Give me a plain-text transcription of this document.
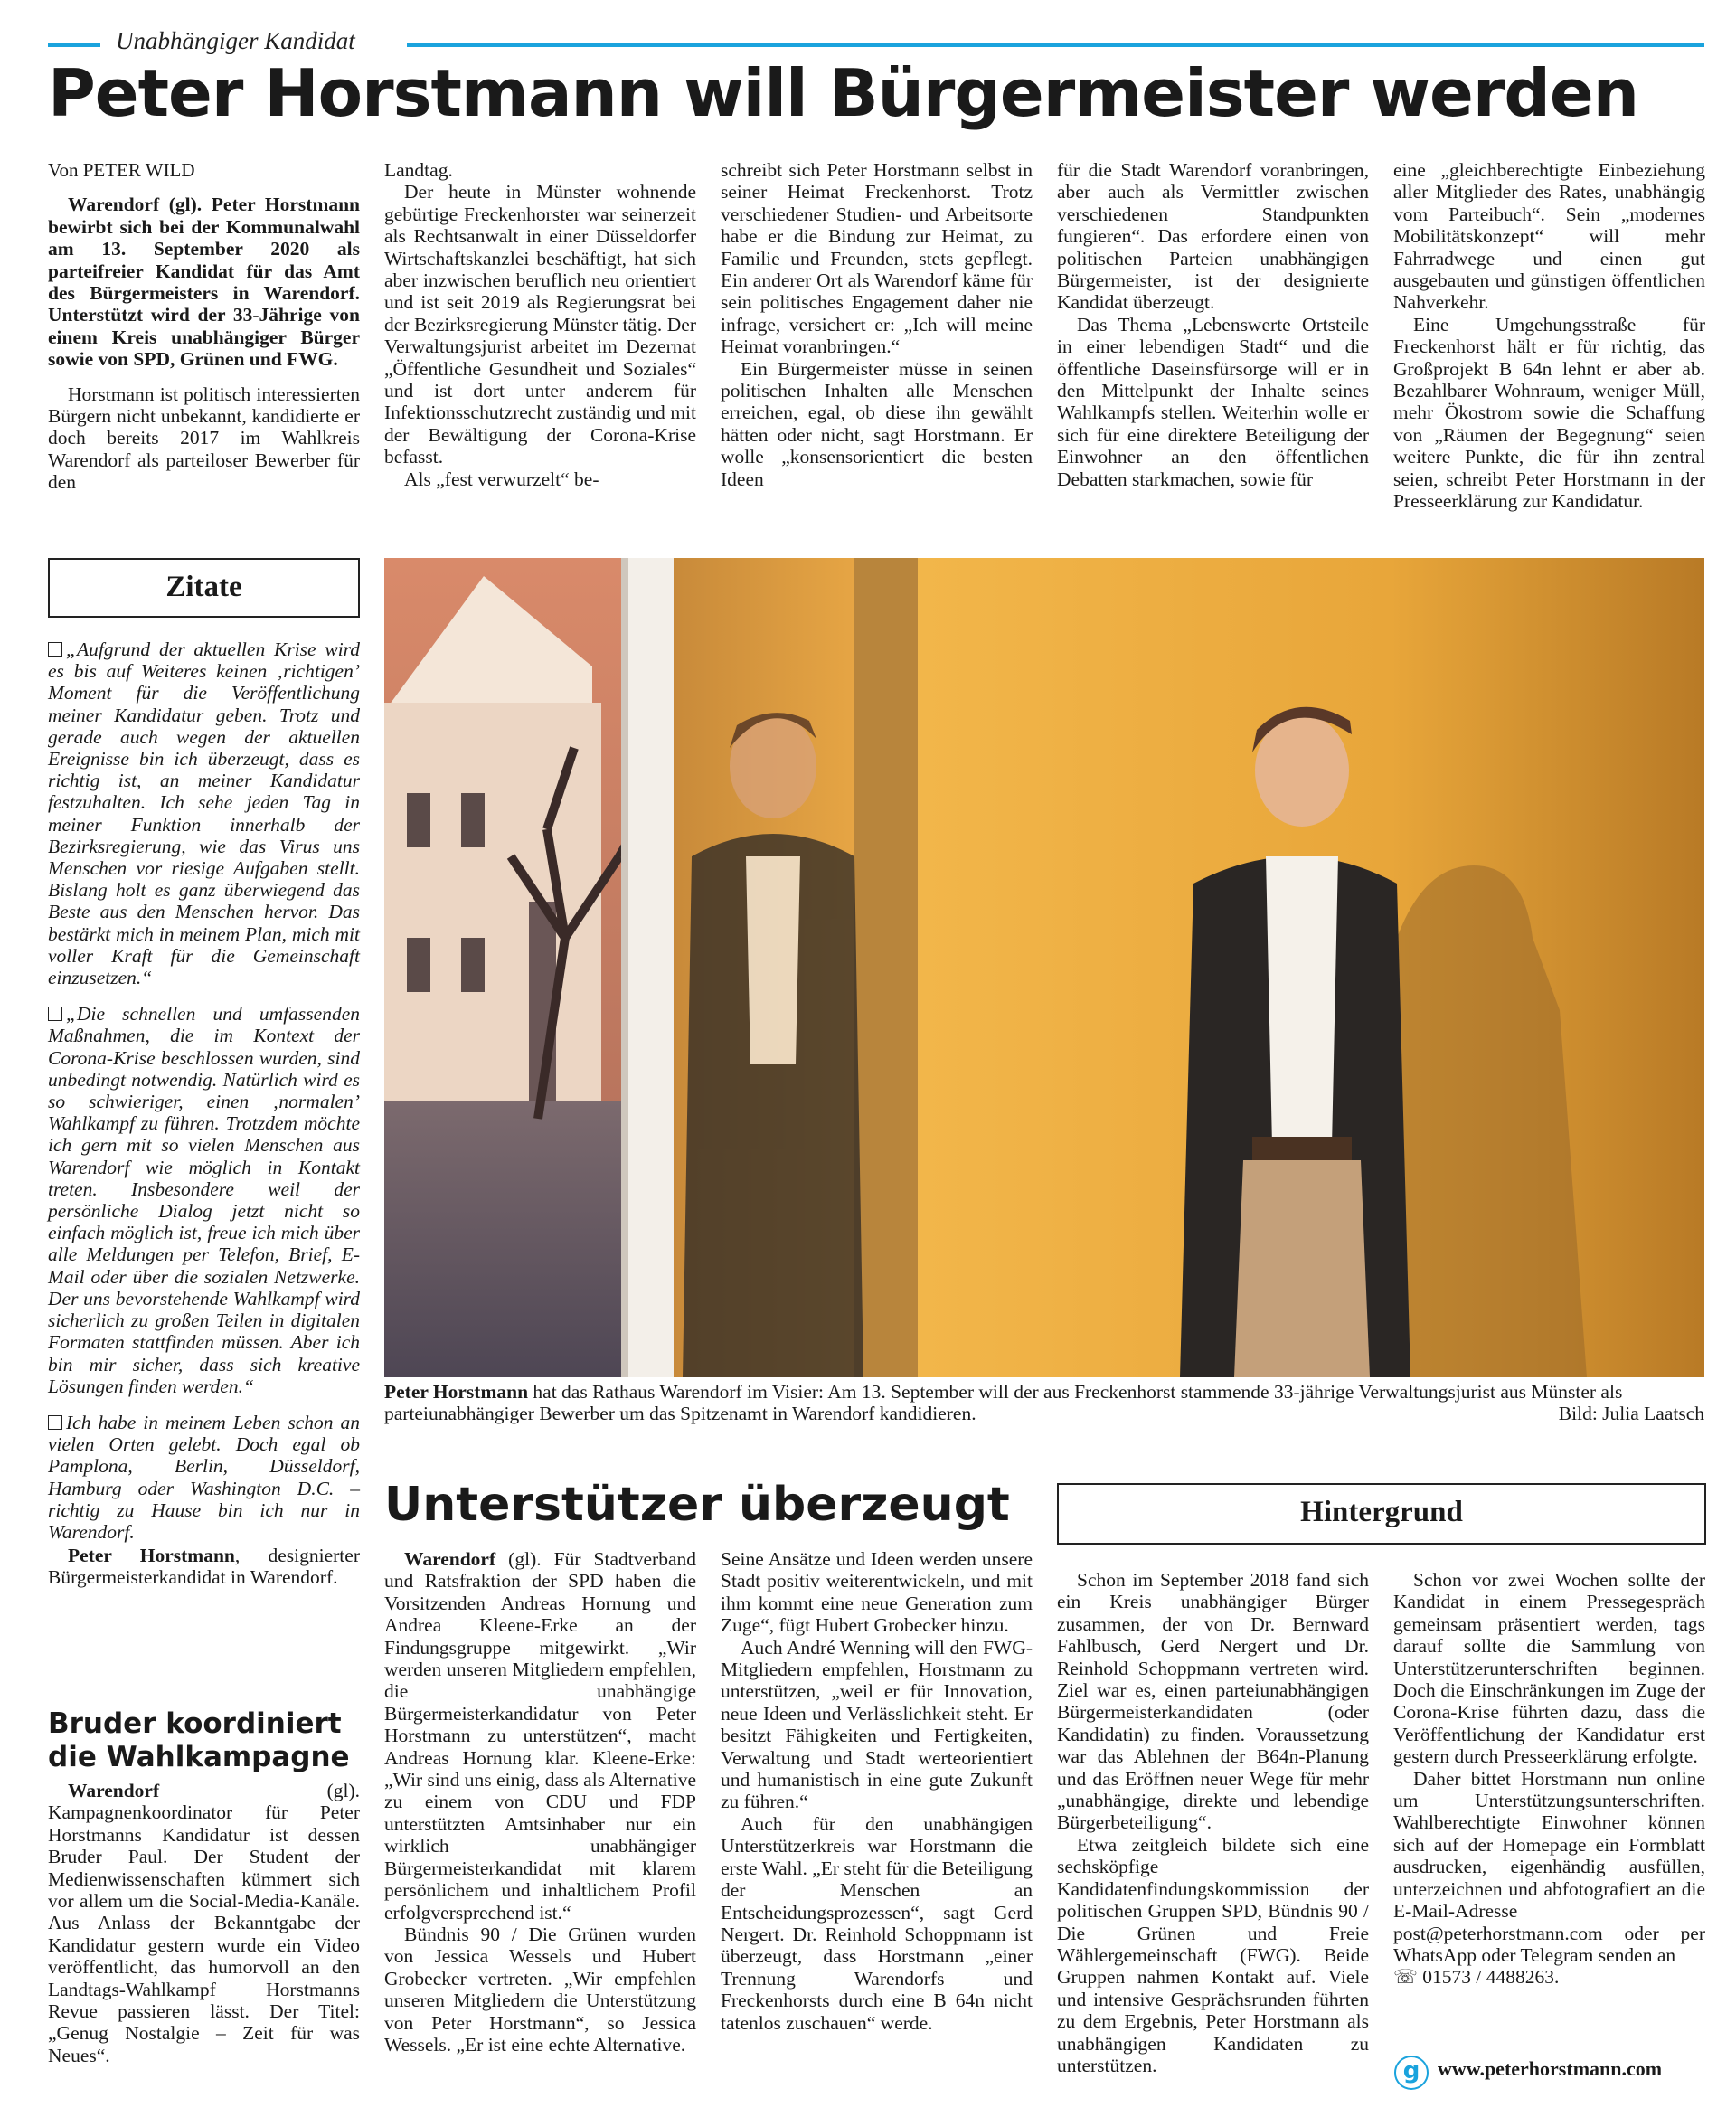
Unabhängiger Kandidat
Peter Horstmann will Bürgermeister werden

Von PETER WILD

Warendorf (gl). Peter Horstmann bewirbt sich bei der Kommunalwahl am 13. September 2020 als parteifreier Kandidat für das Amt des Bürgermeisters in Warendorf. Unterstützt wird der 33-Jährige von einem Kreis unabhängiger Bürger sowie von SPD, Grünen und FWG.

Horstmann ist politisch interessierten Bürgern nicht unbekannt, kandidierte er doch bereits 2017 im Wahlkreis Warendorf als parteiloser Bewerber für den

Landtag.

Der heute in Münster wohnende gebürtige Freckenhorster war seinerzeit als Rechtsanwalt in einer Düsseldorfer Wirtschaftskanzlei beschäftigt, hat sich aber inzwischen beruflich neu orientiert und ist seit 2019 als Regierungsrat bei der Bezirksregierung Münster tätig. Der Verwaltungsjurist arbeitet im Dezernat „Öffentliche Gesundheit und Soziales“ und ist dort unter anderem für Infektionsschutzrecht zuständig und mit der Bewältigung der Corona-Krise befasst.

Als „fest verwurzelt“ be-

schreibt sich Peter Horstmann selbst in seiner Heimat Freckenhorst. Trotz verschiedener Studien- und Arbeitsorte habe er die Bindung zur Heimat, zu Familie und Freunden, stets gepflegt. Ein anderer Ort als Warendorf käme für sein politisches Engagement daher nie infrage, versichert er: „Ich will meine Heimat voranbringen.“

Ein Bürgermeister müsse in seinen politischen Inhalten alle Menschen erreichen, egal, ob diese ihn gewählt hätten oder nicht, sagt Horstmann. Er wolle „konsensorientiert die besten Ideen

für die Stadt Warendorf voranbringen, aber auch als Vermittler zwischen verschiedenen Standpunkten fungieren“. Das erfordere einen von politischen Parteien unabhängigen Bürgermeister, ist der designierte Kandidat überzeugt.

Das Thema „Lebenswerte Ortsteile in einer lebendigen Stadt“ und die öffentliche Daseinsfürsorge will er in den Mittelpunkt der Inhalte seines Wahlkampfs stellen. Weiterhin wolle er sich für eine direktere Beteiligung der Einwohner an den öffentlichen Debatten starkmachen, sowie für

eine „gleichberechtigte Einbeziehung aller Mitglieder des Rates, unabhängig vom Parteibuch“. Sein „modernes Mobilitätskonzept“ will mehr Fahrradwege und einen gut ausgebauten und günstigen öffentlichen Nahverkehr.

Eine Umgehungsstraße für Freckenhorst hält er für richtig, das Großprojekt B 64n lehnt er aber ab. Bezahlbarer Wohnraum, weniger Müll, mehr Ökostrom sowie die Schaffung von „Räumen der Begegnung“ seien weitere Punkte, die für ihn zentral seien, schreibt Peter Horstmann in der Presseerklärung zur Kandidatur.

Zitate

„Aufgrund der aktuellen Krise wird es bis auf Weiteres keinen ‚richtigen’ Moment für die Veröffentlichung meiner Kandidatur geben. Trotz und gerade auch wegen der aktuellen Ereignisse bin ich überzeugt, dass es richtig ist, an meiner Kandidatur festzuhalten. Ich sehe jeden Tag in meiner Funktion innerhalb der Bezirksregierung, wie das Virus uns Menschen vor riesige Aufgaben stellt. Bislang holt es ganz überwiegend das Beste aus den Menschen hervor. Das bestärkt mich in meinem Plan, mich mit voller Kraft für die Gemeinschaft einzusetzen.“

„Die schnellen und umfassenden Maßnahmen, die im Kontext der Corona-Krise beschlossen wurden, sind unbedingt notwendig. Natürlich wird es so schwieriger, einen ‚normalen’ Wahlkampf zu führen. Trotzdem möchte ich gern mit so vielen Menschen aus Warendorf wie möglich in Kontakt treten. Insbesondere weil der persönliche Dialog jetzt nicht so einfach möglich ist, freue ich mich über alle Meldungen per Telefon, Brief, E-Mail oder über die sozialen Netzwerke. Der uns bevorstehende Wahlkampf wird sicherlich zu großen Teilen in digitalen Formaten stattfinden müssen. Aber ich bin mir sicher, dass sich kreative Lösungen finden werden.“

Ich habe in meinem Leben schon an vielen Orten gelebt. Doch egal ob Pamplona, Berlin, Düsseldorf, Hamburg oder Washington D.C. – richtig zu Hause bin ich nur in Warendorf.

Peter Horstmann, designierter Bürgermeisterkandidat in Warendorf.

Bruder koordiniert die Wahlkampagne

Warendorf (gl). Kampagnenkoordinator für Peter Horstmanns Kandidatur ist dessen Bruder Paul. Der Student der Medienwissenschaften kümmert sich vor allem um die Social-Media-Kanäle. Aus Anlass der Bekanntgabe der Kandidatur gestern wurde ein Video veröffentlicht, das humorvoll an den Landtags-Wahlkampf Horstmanns Revue passieren lässt. Der Titel: „Genug Nostalgie – Zeit für was Neues“.

Peter Horstmann hat das Rathaus Warendorf im Visier: Am 13. September will der aus Freckenhorst stammende 33-jährige Verwaltungsjurist aus Münster als parteiunabhängiger Bewerber um das Spitzenamt in Warendorf kandidieren.	Bild: Julia Laatsch
Unterstützer überzeugt

Warendorf (gl). Für Stadtverband und Ratsfraktion der SPD haben die Vorsitzenden Andreas Hornung und Andrea Kleene-Erke an der Findungsgruppe mitgewirkt. „Wir werden unseren Mitgliedern empfehlen, die unabhängige Bürgermeisterkandidatur von Peter Horstmann zu unterstützen“, macht Andreas Hornung klar. Kleene-Erke: „Wir sind uns einig, dass als Alternative zu einem von CDU und FDP unterstützten Amtsinhaber nur ein wirklich unabhängiger Bürgermeisterkandidat mit klarem persönlichem und inhaltlichem Profil erfolgversprechend ist.“

Bündnis 90 / Die Grünen wurden von Jessica Wessels und Hubert Grobecker vertreten. „Wir empfehlen unseren Mitgliedern die Unterstützung von Peter Horstmann“, so Jessica Wessels. „Er ist eine echte Alternative.

Seine Ansätze und Ideen werden unsere Stadt positiv weiterentwickeln, und mit ihm kommt eine neue Generation zum Zuge“, fügt Hubert Grobecker hinzu.

Auch André Wenning will den FWG-Mitgliedern empfehlen, Horstmann zu unterstützen, „weil er für Innovation, neue Ideen und Verlässlichkeit steht. Er besitzt Fähigkeiten und Fertigkeiten, Verwaltung und Stadt werteorientiert und humanistisch in eine gute Zukunft zu führen.“

Auch für den unabhängigen Unterstützerkreis war Horstmann die erste Wahl. „Er steht für die Beteiligung der Menschen an Entscheidungsprozessen“, sagt Gerd Nergert. Dr. Reinhold Schoppmann ist überzeugt, dass Horstmann „einer Trennung Warendorfs und Freckenhorsts durch eine B 64n nicht tatenlos zuschauen“ werde.

Hintergrund

Schon im September 2018 fand sich ein Kreis unabhängiger Bürger zusammen, der von Dr. Bernward Fahlbusch, Gerd Nergert und Dr. Reinhold Schoppmann vertreten wird. Ziel war es, einen parteiunabhängigen Bürgermeisterkandidaten (oder Kandidatin) zu finden. Voraussetzung war das Ablehnen der B64n-Planung und das Eröffnen neuer Wege für mehr „unabhängige, direkte und lebendige Bürgerbeteiligung“.

Etwa zeitgleich bildete sich eine sechsköpfige Kandidatenfindungskommission der politischen Gruppen SPD, Bündnis 90 / Die Grünen und Freie Wählergemeinschaft (FWG). Beide Gruppen nahmen Kontakt auf. Viele und intensive Gesprächsrunden führten zu dem Ergebnis, Peter Horstmann als unabhängigen Kandidaten zu unterstützen.

Schon vor zwei Wochen sollte der Kandidat in einem Pressegespräch gemeinsam präsentiert werden, tags darauf sollte die Sammlung von Unterstützerunterschriften beginnen. Doch die Einschränkungen im Zuge der Corona-Krise führten dazu, dass die Veröffentlichung der Kandidatur erst gestern durch Presseerklärung erfolgte.

Daher bittet Horstmann nun online um Unterstützungsunterschriften. Wahlberechtigte Einwohner können sich auf der Homepage ein Formblatt ausdrucken, eigenhändig ausfüllen, unterzeichnen und abfotografiert an die E-Mail-Adresse post@peterhorstmann.com oder per WhatsApp oder Telegram senden an

☏ 01573 / 4488263.

g www.peterhorstmann.com
